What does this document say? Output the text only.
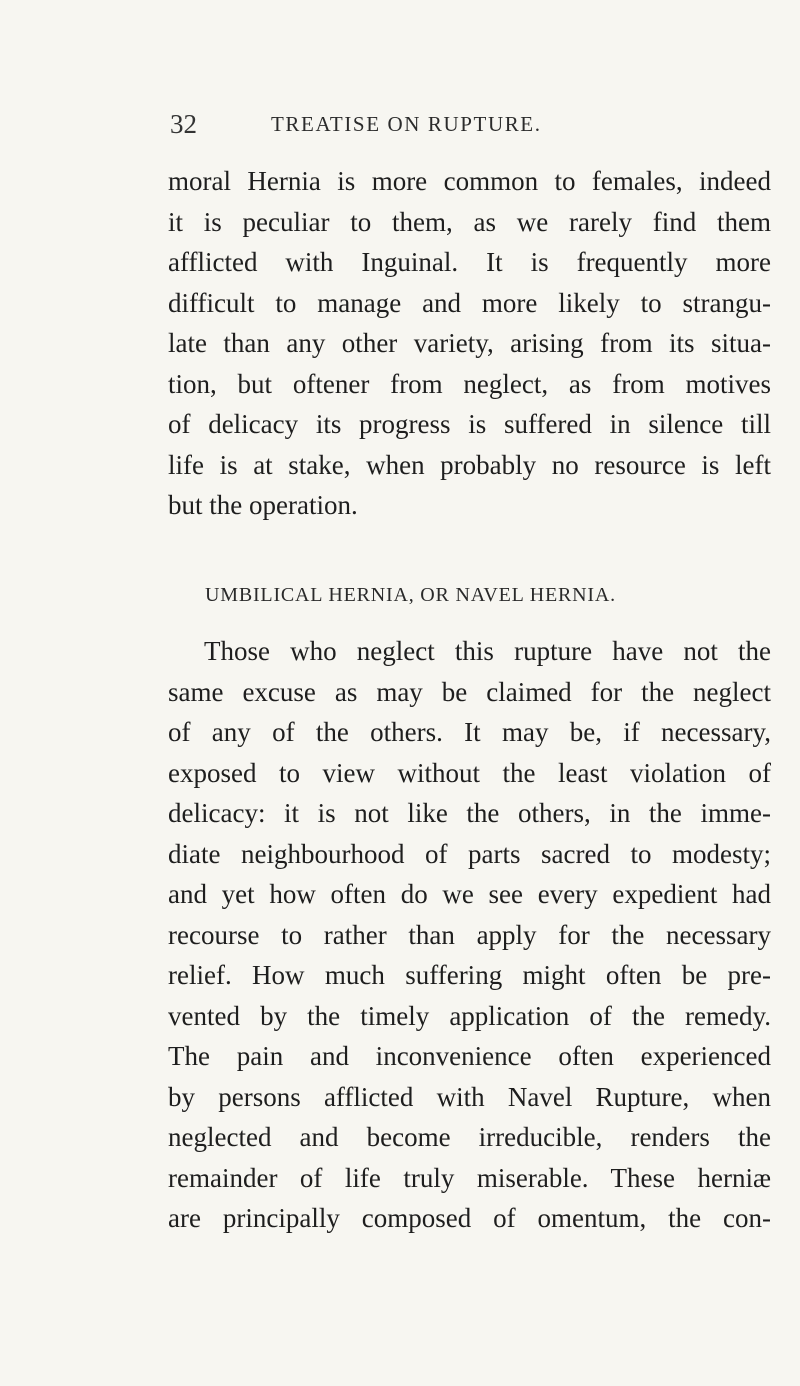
32	TREATISE ON RUPTURE.
moral Hernia is more common to females, indeed
it is peculiar to them, as we rarely find them
afflicted with Inguinal. It is frequently more
difficult to manage and more likely to strangu-
late than any other variety, arising from its situa-
tion, but oftener from neglect, as from motives
of delicacy its progress is suffered in silence till
life is at stake, when probably no resource is left
but the operation.
UMBILICAL HERNIA, OR NAVEL HERNIA.
Those who neglect this rupture have not the
same excuse as may be claimed for the neglect
of any of the others. It may be, if necessary,
exposed to view without the least violation of
delicacy: it is not like the others, in the imme-
diate neighbourhood of parts sacred to modesty;
and yet how often do we see every expedient had
recourse to rather than apply for the necessary
relief. How much suffering might often be pre-
vented by the timely application of the remedy.
The pain and inconvenience often experienced
by persons afflicted with Navel Rupture, when
neglected and become irreducible, renders the
remainder of life truly miserable. These herniæ
are principally composed of omentum, the con-
